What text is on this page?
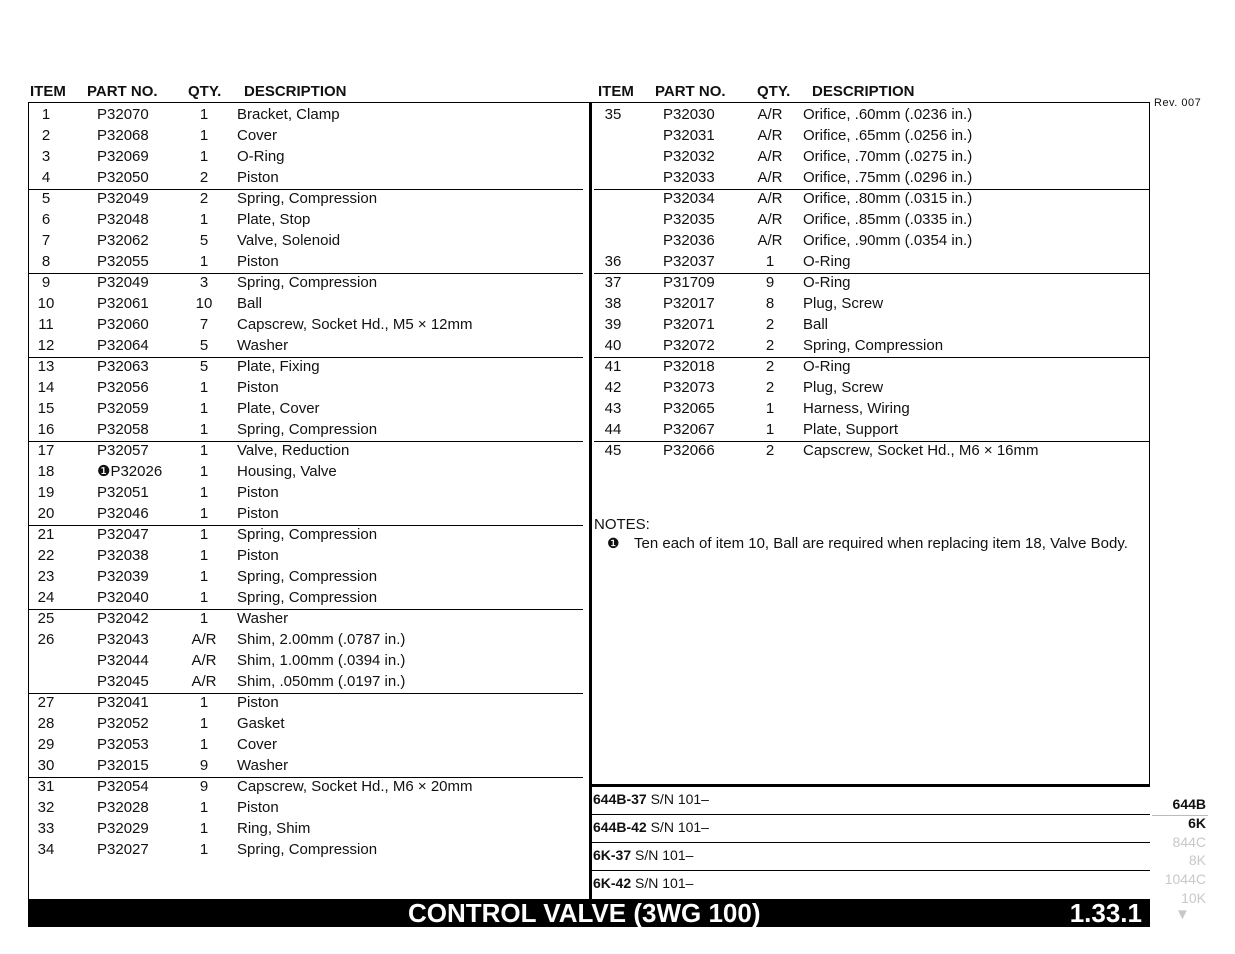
ITEM PART NO. QTY. DESCRIPTION	ITEM PART NO. QTY. DESCRIPTION
Rev. 007
1	P32070	1	Bracket, Clamp
2	P32068	1	Cover
3	P32069	1	O-Ring
4	P32050	2	Piston
5	P32049	2	Spring, Compression
6	P32048	1	Plate, Stop
7	P32062	5	Valve, Solenoid
8	P32055	1	Piston
9	P32049	3	Spring, Compression
10	P32061	10	Ball
11	P32060	7	Capscrew, Socket Hd., M5 × 12mm
12	P32064	5	Washer
13	P32063	5	Plate, Fixing
14	P32056	1	Piston
15	P32059	1	Plate, Cover
16	P32058	1	Spring, Compression
17	P32057	1	Valve, Reduction
18	❶P32026	1	Housing, Valve
19	P32051	1	Piston
20	P32046	1	Piston
21	P32047	1	Spring, Compression
22	P32038	1	Piston
23	P32039	1	Spring, Compression
24	P32040	1	Spring, Compression
25	P32042	1	Washer
26	P32043	A/R	Shim, 2.00mm (.0787 in.)
P32044	A/R	Shim, 1.00mm (.0394 in.)
P32045	A/R	Shim, .050mm (.0197 in.)
27	P32041	1	Piston
28	P32052	1	Gasket
29	P32053	1	Cover
30	P32015	9	Washer
31	P32054	9	Capscrew, Socket Hd., M6 × 20mm
32	P32028	1	Piston
33	P32029	1	Ring, Shim
34	P32027	1	Spring, Compression
35	P32030	A/R	Orifice, .60mm (.0236 in.)
P32031	A/R	Orifice, .65mm (.0256 in.)
P32032	A/R	Orifice, .70mm (.0275 in.)
P32033	A/R	Orifice, .75mm (.0296 in.)
P32034	A/R	Orifice, .80mm (.0315 in.)
P32035	A/R	Orifice, .85mm (.0335 in.)
P32036	A/R	Orifice, .90mm (.0354 in.)
36	P32037	1	O-Ring
37	P31709	9	O-Ring
38	P32017	8	Plug, Screw
39	P32071	2	Ball
40	P32072	2	Spring, Compression
41	P32018	2	O-Ring
42	P32073	2	Plug, Screw
43	P32065	1	Harness, Wiring
44	P32067	1	Plate, Support
45	P32066	2	Capscrew, Socket Hd., M6 × 16mm
NOTES:
❶ Ten each of item 10, Ball are required when replacing item 18, Valve Body.
644B-37 S/N 101–
644B-42 S/N 101–
6K-37 S/N 101–
6K-42 S/N 101–
644B
6K
844C
8K
1044C
10K
▼
CONTROL VALVE (3WG 100)	1.33.1
